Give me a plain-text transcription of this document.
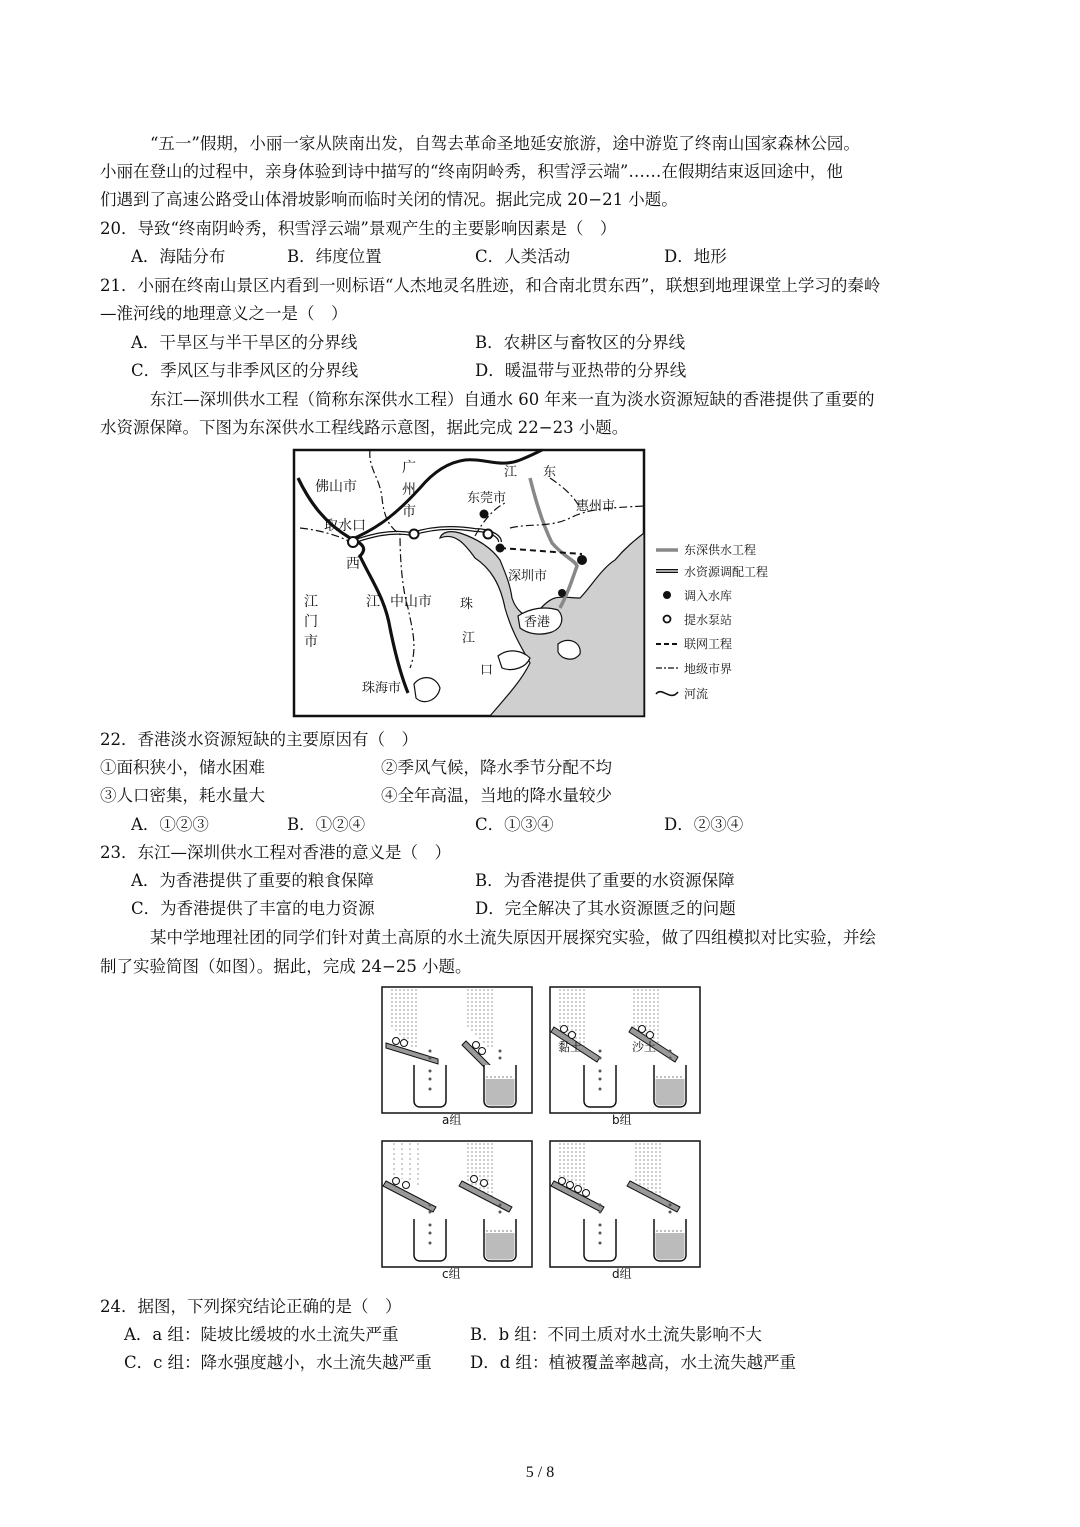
“五一”假期，小丽一家从陕南出发，自驾去革命圣地延安旅游，途中游览了终南山国家森林公园。
小丽在登山的过程中，亲身体验到诗中描写的“终南阴岭秀，积雪浮云端”……在假期结束返回途中，他
们遇到了高速公路受山体滑坡影响而临时关闭的情况。据此完成 20−21 小题。
20．导致“终南阴岭秀，积雪浮云端”景观产生的主要影响因素是（　）
A．海陆分布	B．纬度位置	C．人类活动	D．地形
21．小丽在终南山景区内看到一则标语“人杰地灵名胜迹，和合南北贯东西”，联想到地理课堂上学习的秦岭
—淮河线的地理意义之一是（　）
A．干旱区与半干旱区的分界线	B．农耕区与畜牧区的分界线
C．季风区与非季风区的分界线	D．暖温带与亚热带的分界线
东江—深圳供水工程（简称东深供水工程）自通水 60 年来一直为淡水资源短缺的香港提供了重要的
水资源保障。下图为东深供水工程线路示意图，据此完成 22−23 小题。
佛山市
广
州
市
江 东
东莞市
惠州市
取水口
西
江
江
门
市
中山市 珠
江
口
深圳市
香港
珠海市
东深供水工程
水资源调配工程
调入水库
提水泵站
联网工程
地级市界
河流
22．香港淡水资源短缺的主要原因有（　）
①面积狭小，储水困难	②季风气候，降水季节分配不均
③人口密集，耗水量大	④全年高温，当地的降水量较少
A．①②③	B．①②④	C．①③④	D．②③④
23．东江—深圳供水工程对香港的意义是（　）
A．为香港提供了重要的粮食保障	B．为香港提供了重要的水资源保障
C．为香港提供了丰富的电力资源	D．完全解决了其水资源匮乏的问题
某中学地理社团的同学们针对黄土高原的水土流失原因开展探究实验，做了四组模拟对比实验，并绘
制了实验简图（如图）。据此，完成 24−25 小题。
a组
黏土	沙土
b组
c组	d组
24．据图，下列探究结论正确的是（　）
A．a 组：陡坡比缓坡的水土流失严重	B．b 组：不同土质对水土流失影响不大
C．c 组：降水强度越小，水土流失越严重 D．d 组：植被覆盖率越高，水土流失越严重
5 / 8
